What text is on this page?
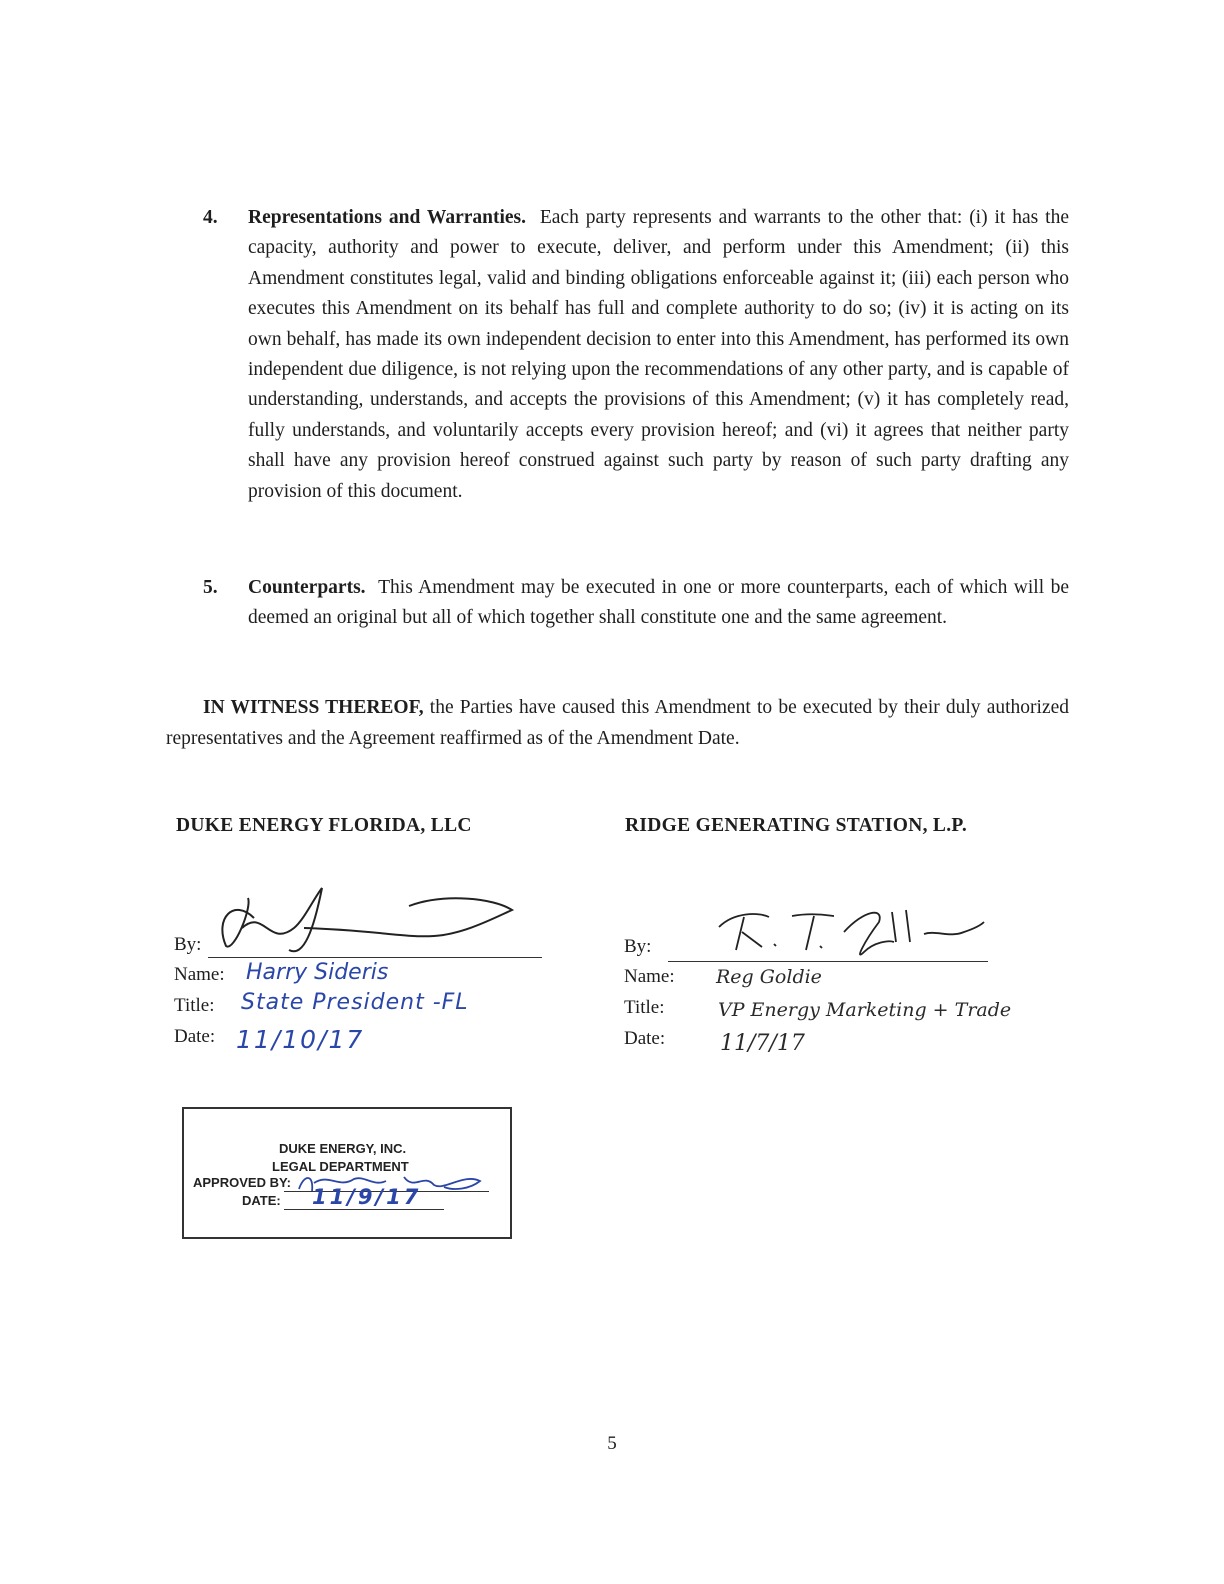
4. Representations and Warranties. Each party represents and warrants to the other that: (i) it has the capacity, authority and power to execute, deliver, and perform under this Amendment; (ii) this Amendment constitutes legal, valid and binding obligations enforceable against it; (iii) each person who executes this Amendment on its behalf has full and complete authority to do so; (iv) it is acting on its own behalf, has made its own independent decision to enter into this Amendment, has performed its own independent due diligence, is not relying upon the recommendations of any other party, and is capable of understanding, understands, and accepts the provisions of this Amendment; (v) it has completely read, fully understands, and voluntarily accepts every provision hereof; and (vi) it agrees that neither party shall have any provision hereof construed against such party by reason of such party drafting any provision of this document.
5. Counterparts. This Amendment may be executed in one or more counterparts, each of which will be deemed an original but all of which together shall constitute one and the same agreement.
IN WITNESS THEREOF, the Parties have caused this Amendment to be executed by their duly authorized representatives and the Agreement reaffirmed as of the Amendment Date.
DUKE ENERGY FLORIDA, LLC	RIDGE GENERATING STATION, L.P.
By:
Name:
Title:
Date:
Harry Sideris
State President -FL
11/10/17
By:
Name:
Title:
Date:
Reg Goldie
VP Energy Marketing + Trade
11/7/17
DUKE ENERGY, INC.
LEGAL DEPARTMENT
APPROVED BY:
DATE: 11/9/17
5
